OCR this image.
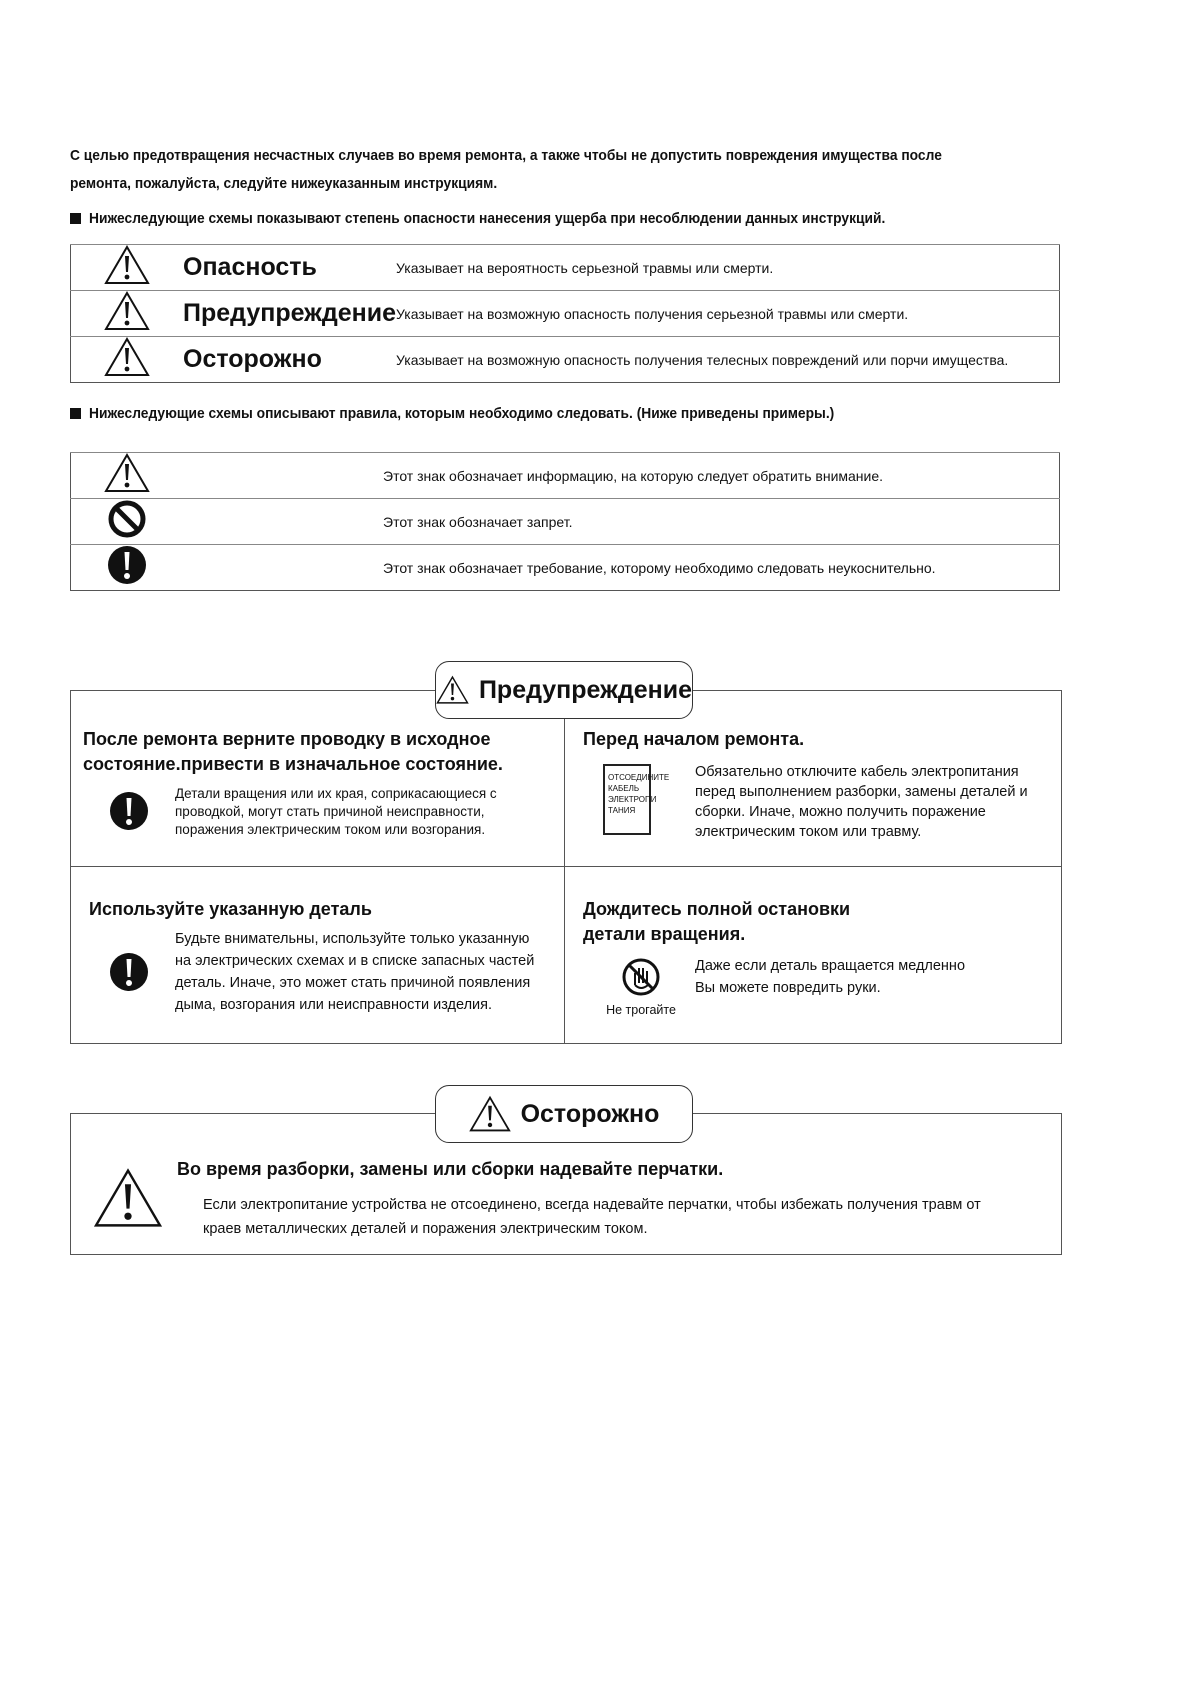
С целью предотвращения несчастных случаев во время ремонта, а также чтобы не допустить повреждения имущества после ремонта, пожалуйста, следуйте нижеуказанным инструкциям.
Нижеследующие схемы показывают степень опасности нанесения ущерба при несоблюдении данных инструкций.
	Опасность	Указывает на вероятность серьезной травмы или смерти.
	Предупреждение	Указывает на возможную опасность получения серьезной травмы или смерти.
	Осторожно	Указывает на возможную опасность получения телесных повреждений или порчи имущества.
Нижеследующие схемы описывают правила, которым необходимо следовать. (Ниже приведены примеры.)
	Этот знак обозначает информацию, на которую следует обратить внимание.
	Этот знак обозначает запрет.
	Этот знак обозначает требование, которому необходимо следовать неукоснительно.
После ремонта верните проводку в исходное состояние.привести в изначальное состояние.
Детали вращения или их края, соприкасающиеся с проводкой, могут стать причиной неисправности, поражения электрическим током или возгорания.
Перед началом ремонта.
ОТСОЕДИНИТЕ КАБЕЛЬ ЭЛЕКТРОПИ ТАНИЯ
Обязательно отключите кабель электропитания перед выполнением разборки, замены деталей и сборки. Иначе, можно получить поражение электрическим током или травму.
Используйте указанную деталь
Будьте внимательны, используйте только указанную на электрических схемах и в списке запасных частей деталь. Иначе, это может стать причиной появления дыма, возгорания или неисправности изделия.
Дождитесь полной остановки детали вращения.
Не трогайте
Даже если деталь вращается медленно Вы можете повредить руки.
Предупреждение
Во время разборки, замены или сборки надевайте перчатки.
Если электропитание устройства не отсоединено, всегда надевайте перчатки, чтобы избежать получения травм от краев металлических деталей и поражения электрическим током.
Осторожно
